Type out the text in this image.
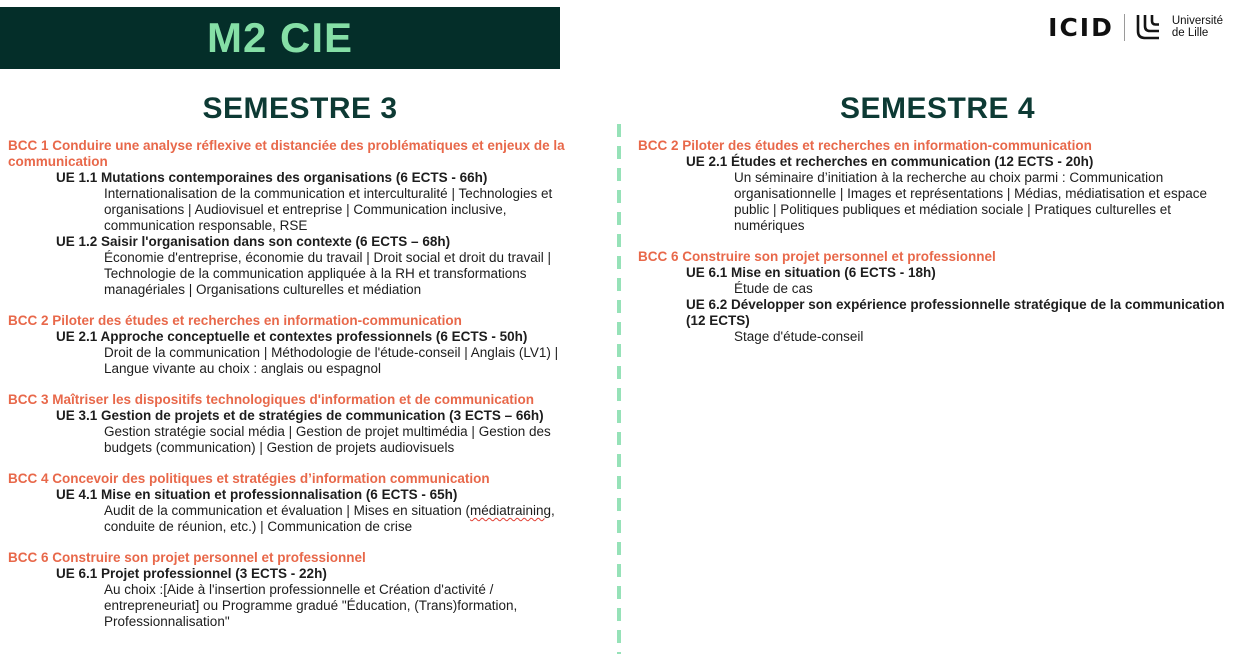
M2 CIE	ICID	Université
de Lille
SEMESTRE 3
BCC 1 Conduire une analyse réflexive et distanciée des problématiques et enjeux de la communication
UE 1.1 Mutations contemporaines des organisations (6 ECTS - 66h)
Internationalisation de la communication et interculturalité | Technologies et organisations | Audiovisuel et entreprise | Communication inclusive, communication responsable, RSE
UE 1.2 Saisir l'organisation dans son contexte (6 ECTS – 68h)
Économie d'entreprise, économie du travail | Droit social et droit du travail | Technologie de la communication appliquée à la RH et transformations managériales | Organisations culturelles et médiation
BCC 2 Piloter des études et recherches en information-communication
UE 2.1 Approche conceptuelle et contextes professionnels (6 ECTS - 50h)
Droit de la communication | Méthodologie de l'étude-conseil | Anglais (LV1) | Langue vivante au choix : anglais ou espagnol
BCC 3 Maîtriser les dispositifs technologiques d'information et de communication
UE 3.1 Gestion de projets et de stratégies de communication (3 ECTS – 66h)
Gestion stratégie social média | Gestion de projet multimédia | Gestion des budgets (communication) | Gestion de projets audiovisuels
BCC 4 Concevoir des politiques et stratégies d’information communication
UE 4.1 Mise en situation et professionnalisation (6 ECTS - 65h)
Audit de la communication et évaluation | Mises en situation (médiatraining, conduite de réunion, etc.) | Communication de crise
BCC 6 Construire son projet personnel et professionnel
UE 6.1 Projet professionnel (3 ECTS - 22h)
Au choix :[Aide à l'insertion professionnelle et Création d'activité / entrepreneuriat] ou Programme gradué "Éducation, (Trans)formation, Professionnalisation"
SEMESTRE 4
BCC 2 Piloter des études et recherches en information-communication
UE 2.1 Études et recherches en communication (12 ECTS - 20h)
Un séminaire d’initiation à la recherche au choix parmi : Communication organisationnelle | Images et représentations | Médias, médiatisation et espace public | Politiques publiques et médiation sociale | Pratiques culturelles et numériques
BCC 6 Construire son projet personnel et professionnel
UE 6.1 Mise en situation (6 ECTS - 18h)
Étude de cas
UE 6.2 Développer son expérience professionnelle stratégique de la communication (12 ECTS)
Stage d'étude-conseil
